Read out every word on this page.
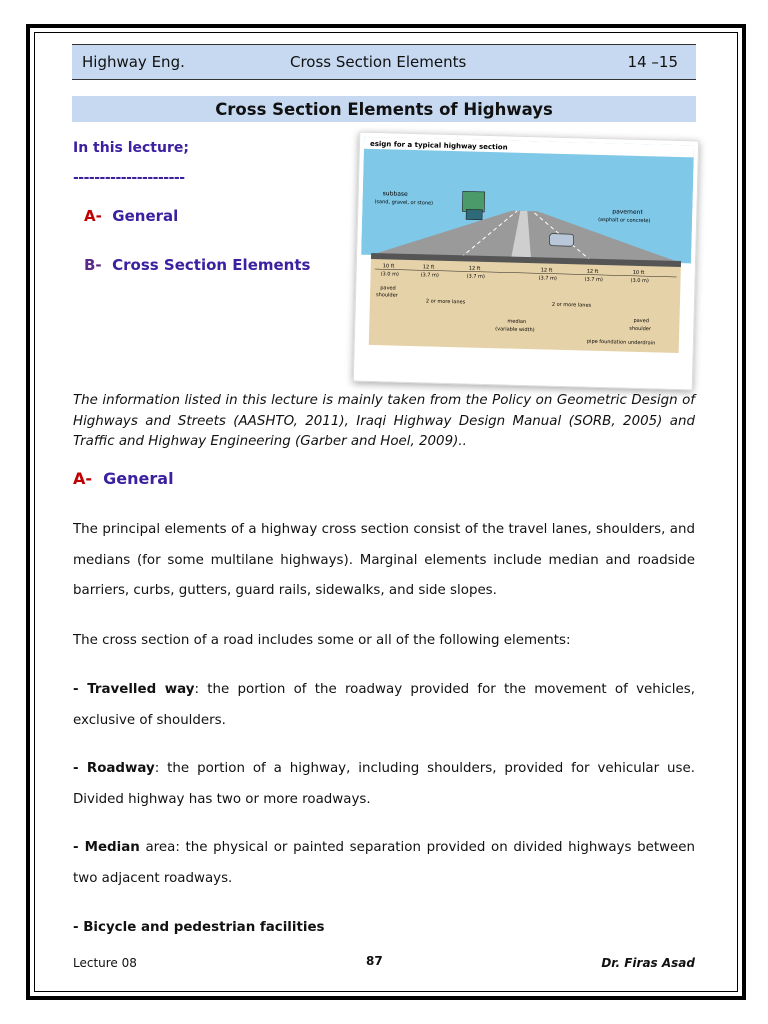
Highway Eng.	Cross Section Elements	14 –15
Cross Section Elements of Highways
In this lecture;
---------------------
A- General
B- Cross Section Elements
esign for a typical highway section
subbase
(sand, gravel, or stone)
pavement
(asphalt or concrete)
10 ft
(3.0 m)
12 ft
(3.7 m)
12 ft
(3.7 m)
12 ft
(3.7 m)
12 ft
(3.7 m)
10 ft
(3.0 m)
paved
shoulder
2 or more lanes
median
(variable width)
2 or more lanes
paved
shoulder
pipe foundation underdrain
The information listed in this lecture is mainly taken from the Policy on Geometric Design of Highways and Streets (AASHTO, 2011), Iraqi Highway Design Manual (SORB, 2005) and Traffic and Highway Engineering (Garber and Hoel, 2009)..
A- General
The principal elements of a highway cross section consist of the travel lanes, shoulders, and medians (for some multilane highways). Marginal elements include median and roadside barriers, curbs, gutters, guard rails, sidewalks, and side slopes.
The cross section of a road includes some or all of the following elements:
- Travelled way: the portion of the roadway provided for the movement of vehicles, exclusive of shoulders.
- Roadway: the portion of a highway, including shoulders, provided for vehicular use. Divided highway has two or more roadways.
- Median area: the physical or painted separation provided on divided highways between two adjacent roadways.
- Bicycle and pedestrian facilities
Lecture 08	87	Dr. Firas Asad
